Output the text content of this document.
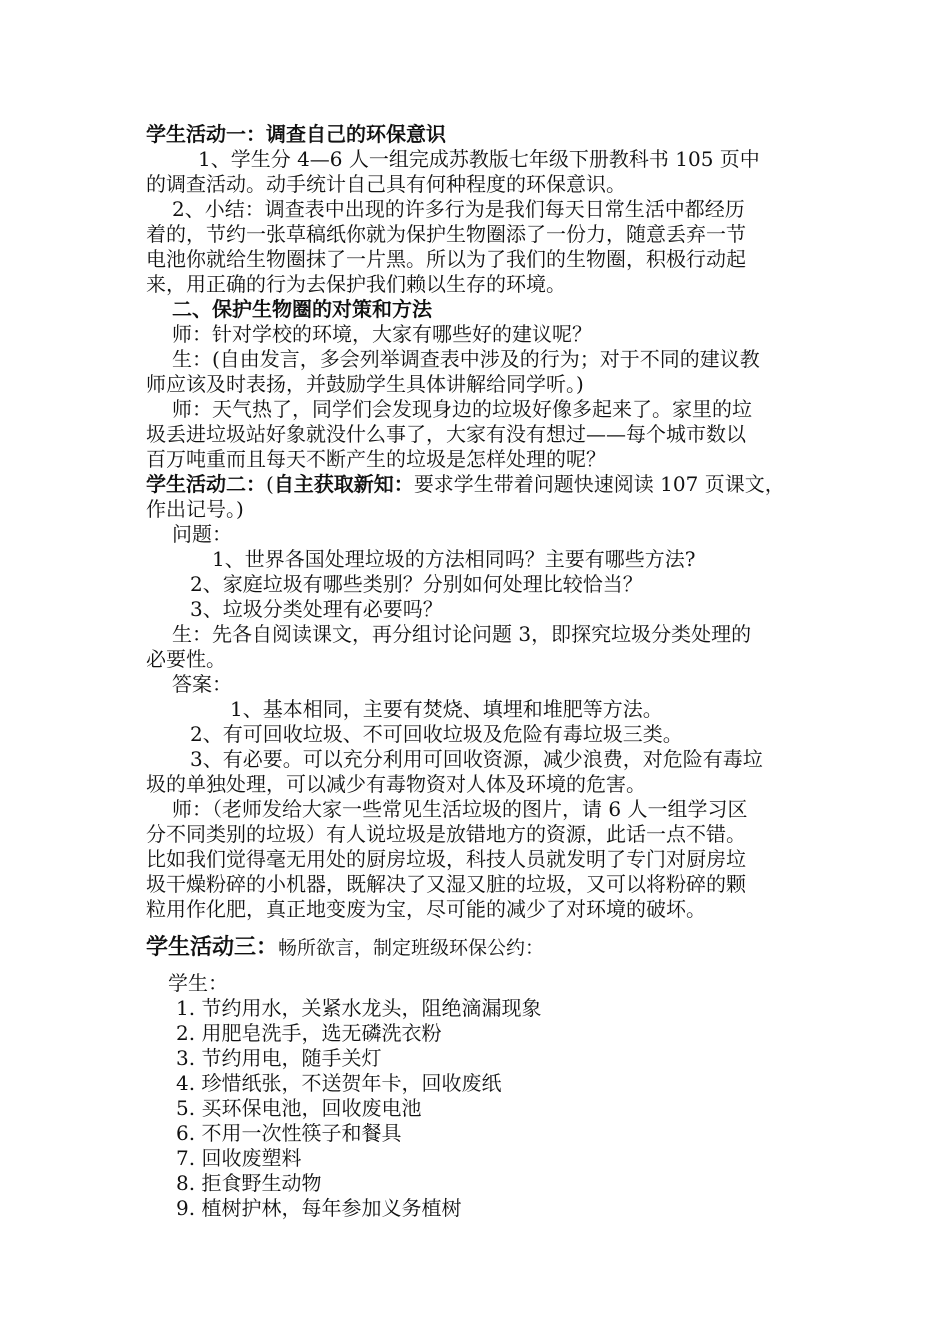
学生活动一：调查自己的环保意识
1、学生分 4—6 人一组完成苏教版七年级下册教科书 105 页中
的调查活动。动手统计自己具有何种程度的环保意识。
2、小结：调查表中出现的许多行为是我们每天日常生活中都经历
着的，节约一张草稿纸你就为保护生物圈添了一份力，随意丢弃一节
电池你就给生物圈抹了一片黑。所以为了我们的生物圈，积极行动起
来，用正确的行为去保护我们赖以生存的环境。
二、保护生物圈的对策和方法
师：针对学校的环境，大家有哪些好的建议呢？
生：(自由发言，多会列举调查表中涉及的行为；对于不同的建议教
师应该及时表扬，并鼓励学生具体讲解给同学听。)
师：天气热了，同学们会发现身边的垃圾好像多起来了。家里的垃
圾丢进垃圾站好象就没什么事了，大家有没有想过——每个城市数以
百万吨重而且每天不断产生的垃圾是怎样处理的呢？
学生活动二：(自主获取新知：要求学生带着问题快速阅读 107 页课文，
作出记号。)
问题：
1、世界各国处理垃圾的方法相同吗？主要有哪些方法?
2、家庭垃圾有哪些类别？分别如何处理比较恰当？
3、垃圾分类处理有必要吗？
生：先各自阅读课文，再分组讨论问题 3，即探究垃圾分类处理的
必要性。
答案：
1、基本相同，主要有焚烧、填埋和堆肥等方法。
2、有可回收垃圾、不可回收垃圾及危险有毒垃圾三类。
3、有必要。可以充分利用可回收资源，减少浪费，对危险有毒垃
圾的单独处理，可以减少有毒物资对人体及环境的危害。
师：（老师发给大家一些常见生活垃圾的图片，请 6 人一组学习区
分不同类别的垃圾）有人说垃圾是放错地方的资源，此话一点不错。
比如我们觉得毫无用处的厨房垃圾，科技人员就发明了专门对厨房垃
圾干燥粉碎的小机器，既解决了又湿又脏的垃圾，又可以将粉碎的颗
粒用作化肥，真正地变废为宝，尽可能的减少了对环境的破坏。
学生活动三：畅所欲言，制定班级环保公约：
学生：
1. 节约用水，关紧水龙头，阻绝滴漏现象
2. 用肥皂洗手，选无磷洗衣粉
3. 节约用电，随手关灯
4. 珍惜纸张，不送贺年卡，回收废纸
5. 买环保电池，回收废电池
6. 不用一次性筷子和餐具
7. 回收废塑料
8. 拒食野生动物
9. 植树护林，每年参加义务植树
